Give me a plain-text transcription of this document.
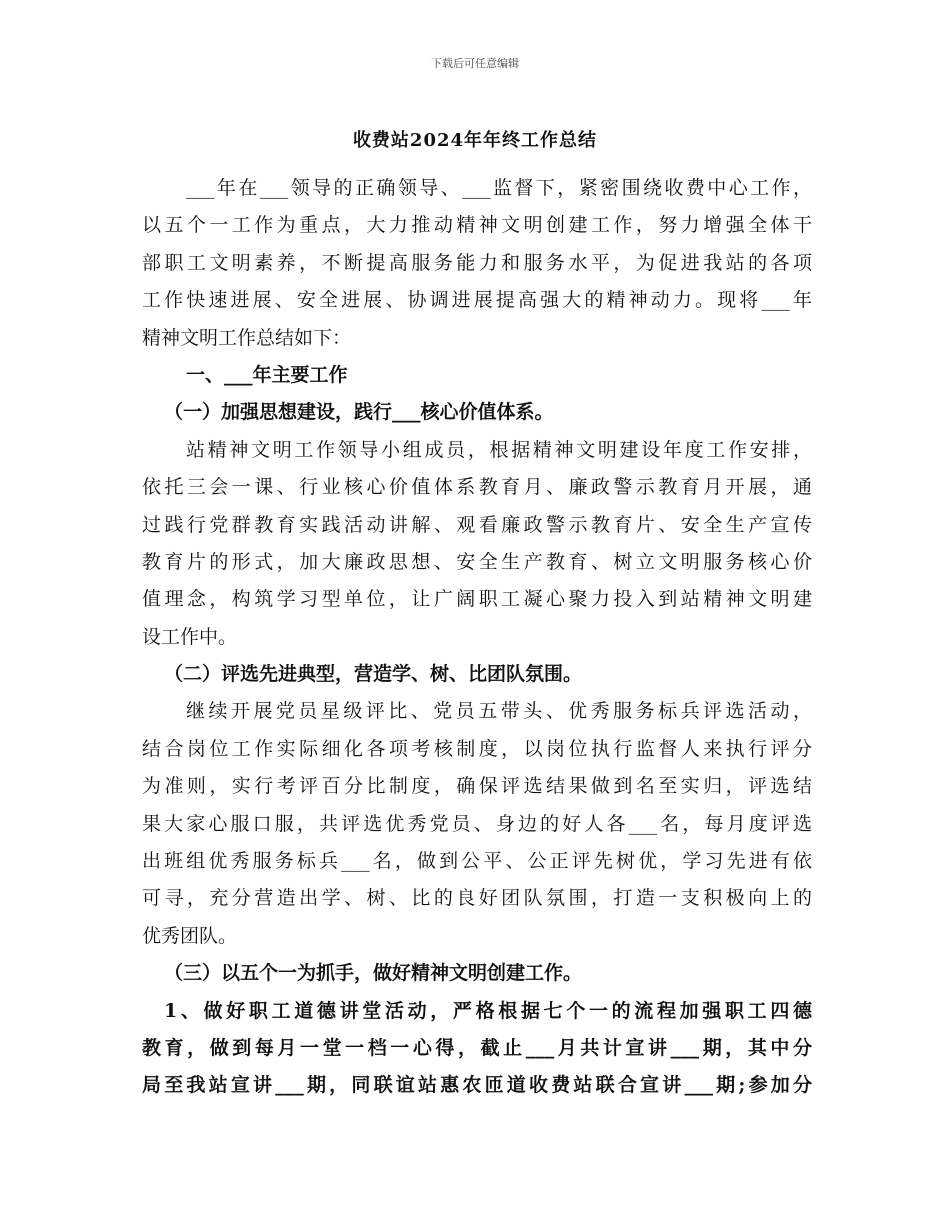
下载后可任意编辑
收费站2024年年终工作总结
___年在___领导的正确领导、___监督下，紧密围绕收费中心工作，
以五个一工作为重点，大力推动精神文明创建工作，努力增强全体干
部职工文明素养，不断提高服务能力和服务水平，为促进我站的各项
工作快速进展、安全进展、协调进展提高强大的精神动力。现将___年
精神文明工作总结如下：
一、___年主要工作
（一）加强思想建设，践行___核心价值体系。
站精神文明工作领导小组成员，根据精神文明建设年度工作安排，
依托三会一课、行业核心价值体系教育月、廉政警示教育月开展，通
过践行党群教育实践活动讲解、观看廉政警示教育片、安全生产宣传
教育片的形式，加大廉政思想、安全生产教育、树立文明服务核心价
值理念，构筑学习型单位，让广阔职工凝心聚力投入到站精神文明建
设工作中。
（二）评选先进典型，营造学、树、比团队氛围。
继续开展党员星级评比、党员五带头、优秀服务标兵评选活动，
结合岗位工作实际细化各项考核制度，以岗位执行监督人来执行评分
为准则，实行考评百分比制度，确保评选结果做到名至实归，评选结
果大家心服口服，共评选优秀党员、身边的好人各___名，每月度评选
出班组优秀服务标兵___名，做到公平、公正评先树优，学习先进有依
可寻，充分营造出学、树、比的良好团队氛围，打造一支积极向上的
优秀团队。
（三）以五个一为抓手，做好精神文明创建工作。
1、做好职工道德讲堂活动，严格根据七个一的流程加强职工四德
教育，做到每月一堂一档一心得，截止___月共计宣讲___期，其中分
局至我站宣讲___期，同联谊站惠农匝道收费站联合宣讲___期;参加分
